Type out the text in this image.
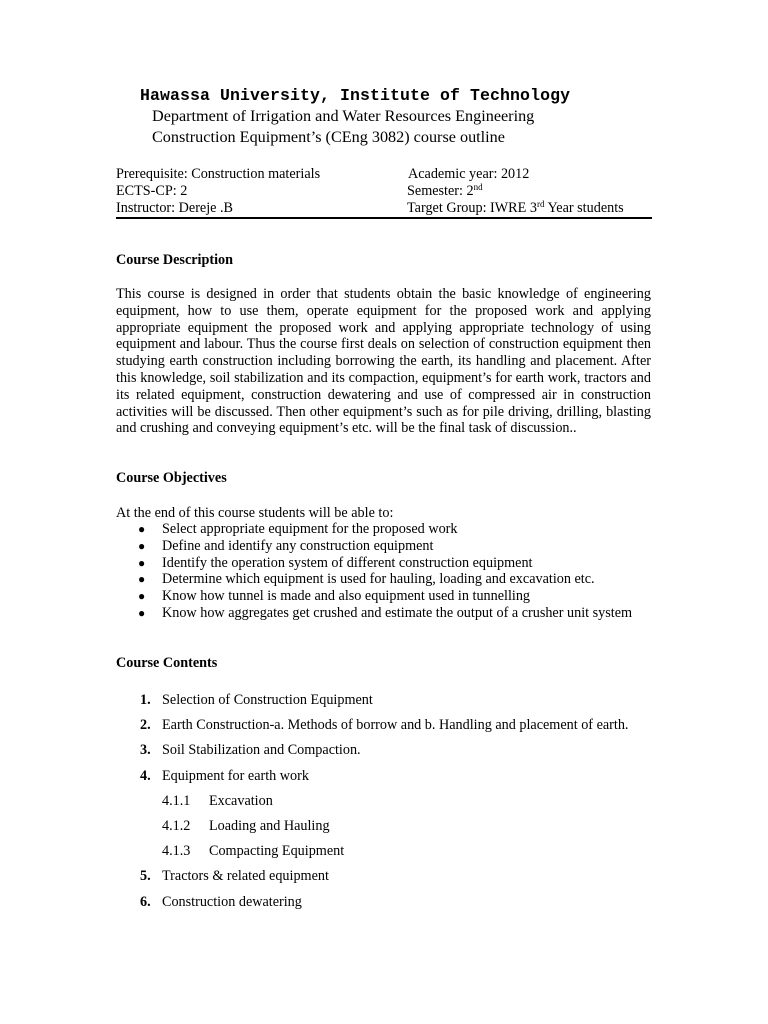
Hawassa University, Institute of Technology
Department of Irrigation and Water Resources Engineering
Construction Equipment’s (CEng 3082) course outline
Prerequisite: Construction materials	Academic year: 2012
ECTS-CP: 2	Semester: 2nd
Instructor: Dereje .B	Target Group: IWRE 3rd Year students
Course Description

This course is designed in order that students obtain the basic knowledge of engineering equipment, how to use them, operate equipment for the proposed work and applying appropriate equipment the proposed work and applying appropriate technology of using equipment and labour. Thus the course first deals on selection of construction equipment then studying earth construction including borrowing the earth, its handling and placement. After this knowledge, soil stabilization and its compaction, equipment’s for earth work, tractors and its related equipment, construction dewatering and use of compressed air in construction activities will be discussed. Then other equipment’s such as for pile driving, drilling, blasting and crushing and conveying equipment’s etc. will be the final task of discussion..

Course Objectives
At the end of this course students will be able to:
● Select appropriate equipment for the proposed work
● Define and identify any construction equipment
● Identify the operation system of different construction equipment
● Determine which equipment is used for hauling, loading and excavation etc.
● Know how tunnel is made and also equipment used in tunnelling
● Know how aggregates get crushed and estimate the output of a crusher unit system
Course Contents
1. Selection of Construction Equipment
2. Earth Construction-a. Methods of borrow and b. Handling and placement of earth.
3. Soil Stabilization and Compaction.
4. Equipment for earth work
4.1.1 Excavation
4.1.2 Loading and Hauling
4.1.3 Compacting Equipment
5. Tractors & related equipment
6. Construction dewatering
